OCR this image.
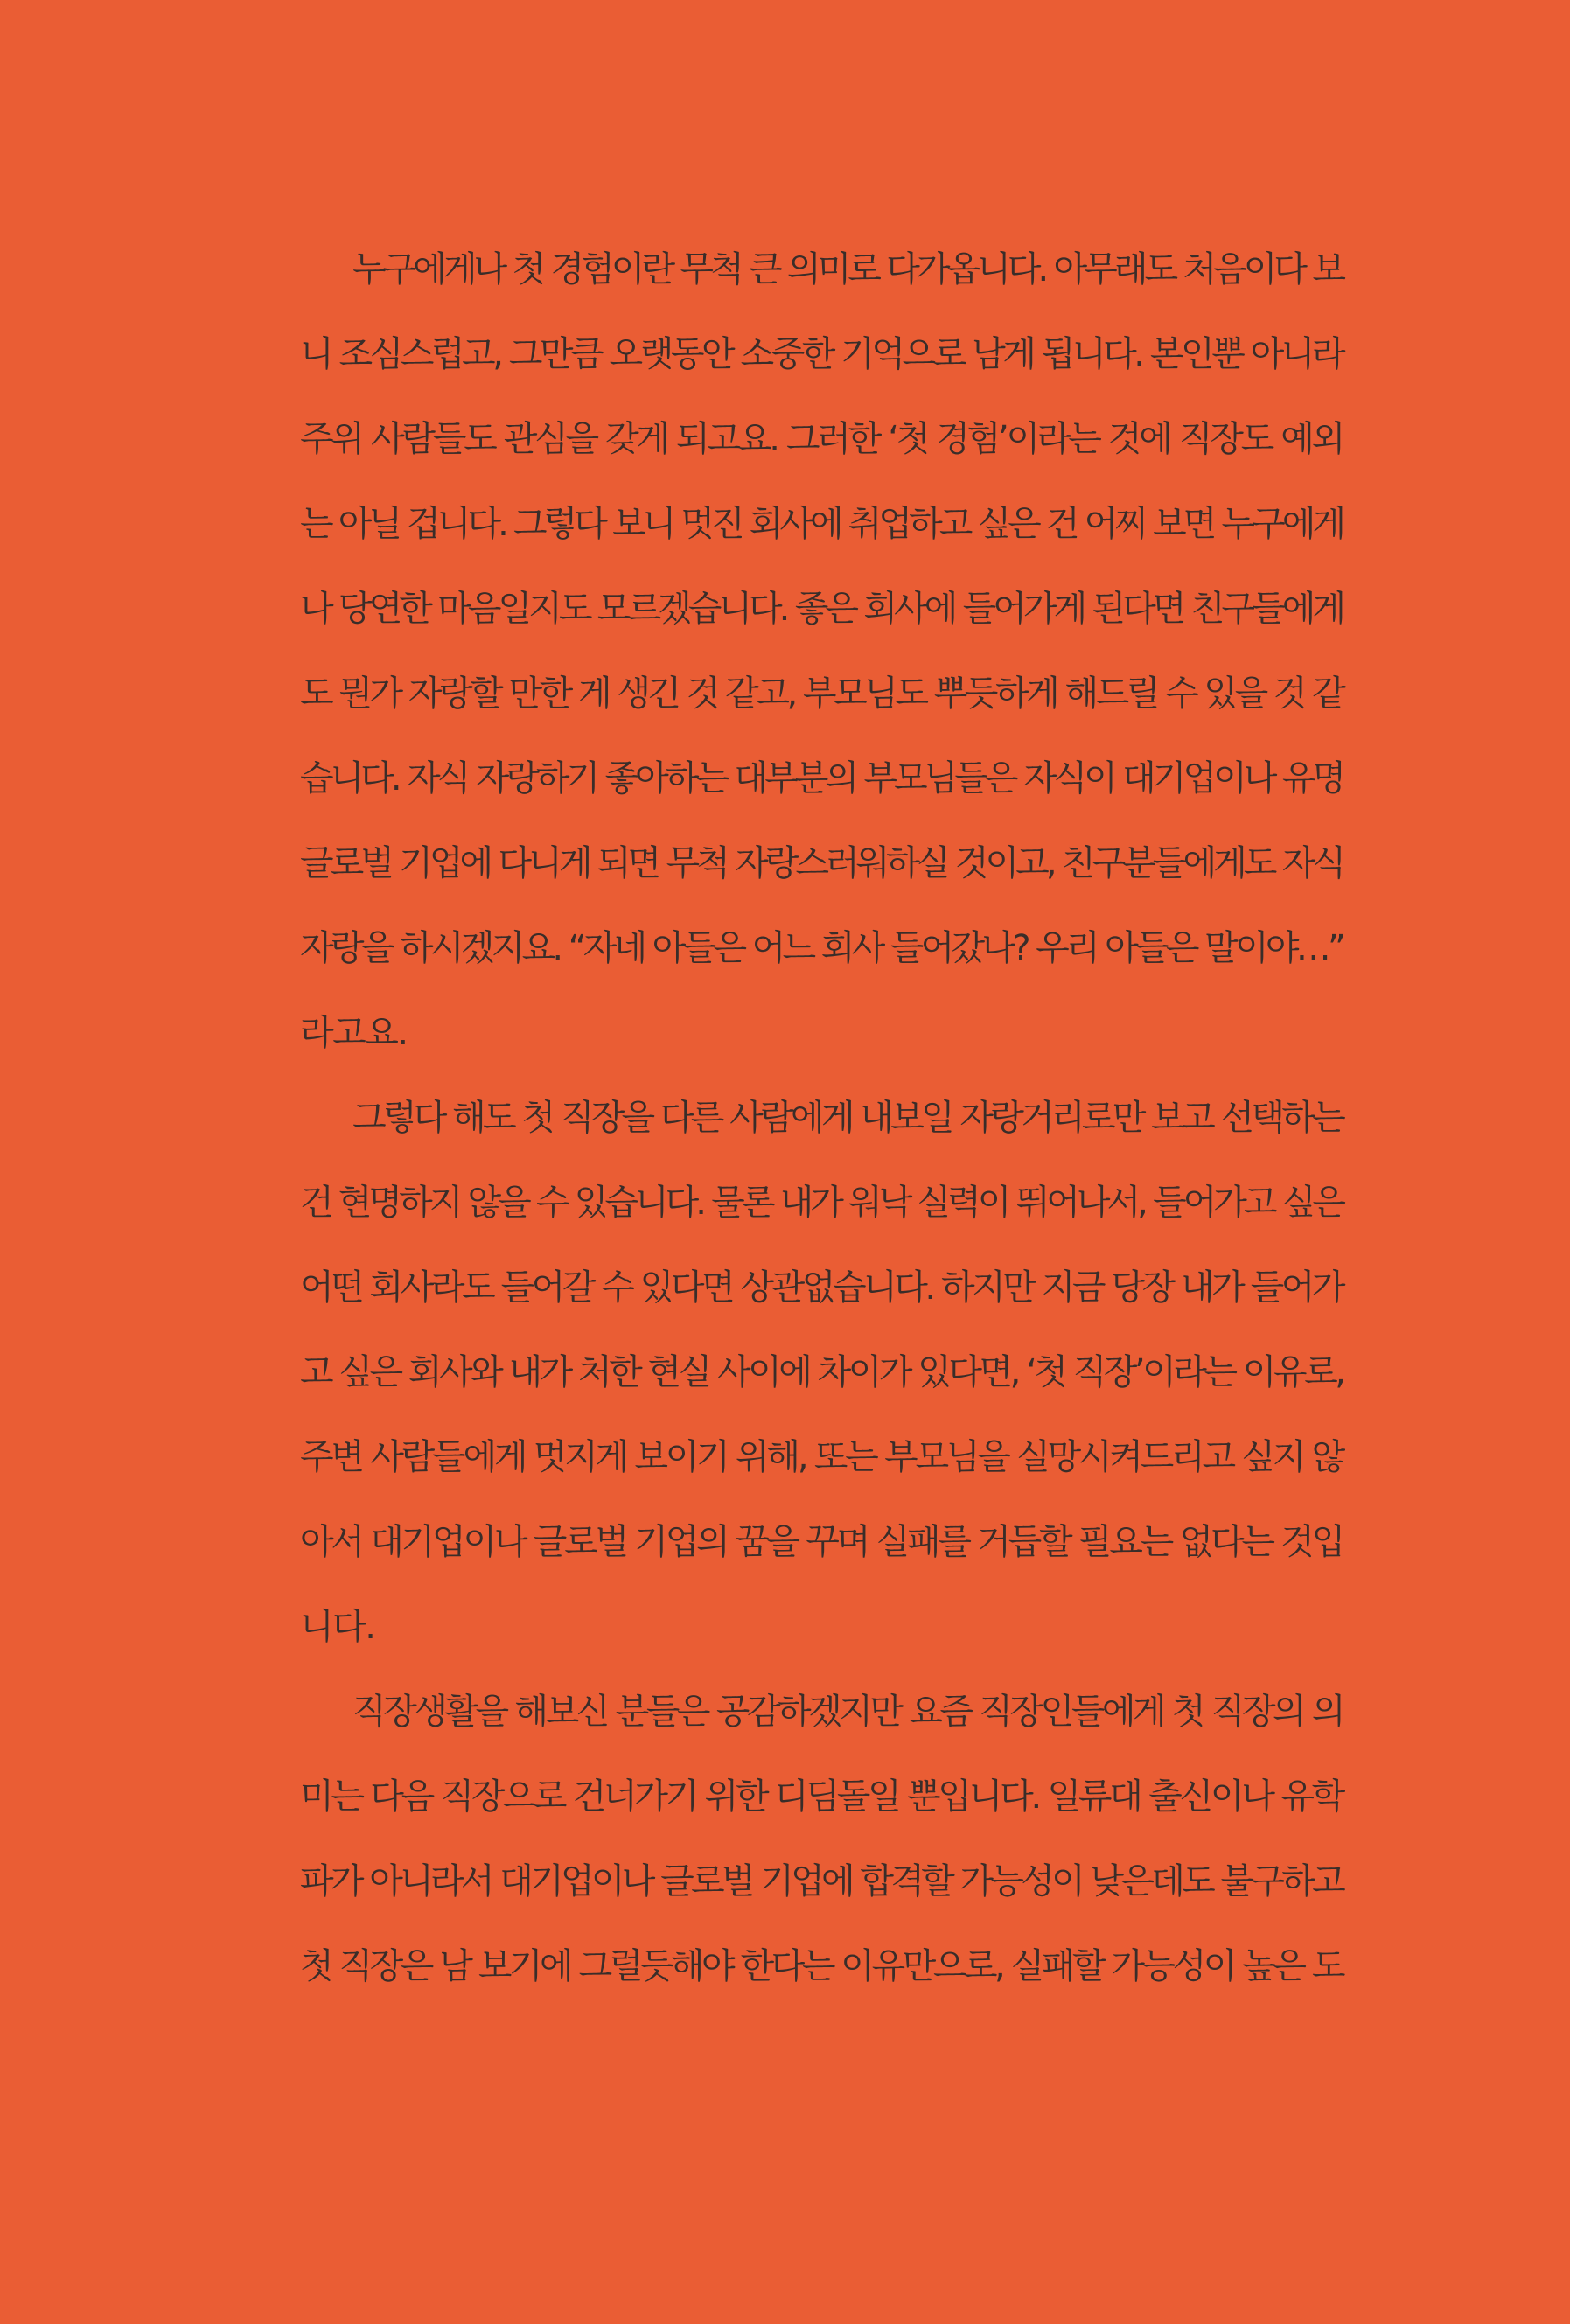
누구에게나 첫 경험이란 무척 큰 의미로 다가옵니다. 아무래도 처음이다 보
니 조심스럽고, 그만큼 오랫동안 소중한 기억으로 남게 됩니다. 본인뿐 아니라
주위 사람들도 관심을 갖게 되고요. 그러한 ‘첫 경험’이라는 것에 직장도 예외
는 아닐 겁니다. 그렇다 보니 멋진 회사에 취업하고 싶은 건 어찌 보면 누구에게
나 당연한 마음일지도 모르겠습니다. 좋은 회사에 들어가게 된다면 친구들에게
도 뭔가 자랑할 만한 게 생긴 것 같고, 부모님도 뿌듯하게 해드릴 수 있을 것 같
습니다. 자식 자랑하기 좋아하는 대부분의 부모님들은 자식이 대기업이나 유명
글로벌 기업에 다니게 되면 무척 자랑스러워하실 것이고, 친구분들에게도 자식
자랑을 하시겠지요. “자네 아들은 어느 회사 들어갔나? 우리 아들은 말이야…”
라고요.
그렇다 해도 첫 직장을 다른 사람에게 내보일 자랑거리로만 보고 선택하는
건 현명하지 않을 수 있습니다. 물론 내가 워낙 실력이 뛰어나서, 들어가고 싶은
어떤 회사라도 들어갈 수 있다면 상관없습니다. 하지만 지금 당장 내가 들어가
고 싶은 회사와 내가 처한 현실 사이에 차이가 있다면, ‘첫 직장’이라는 이유로,
주변 사람들에게 멋지게 보이기 위해, 또는 부모님을 실망시켜드리고 싶지 않
아서 대기업이나 글로벌 기업의 꿈을 꾸며 실패를 거듭할 필요는 없다는 것입
니다.
직장생활을 해보신 분들은 공감하겠지만 요즘 직장인들에게 첫 직장의 의
미는 다음 직장으로 건너가기 위한 디딤돌일 뿐입니다. 일류대 출신이나 유학
파가 아니라서 대기업이나 글로벌 기업에 합격할 가능성이 낮은데도 불구하고
첫 직장은 남 보기에 그럴듯해야 한다는 이유만으로, 실패할 가능성이 높은 도
